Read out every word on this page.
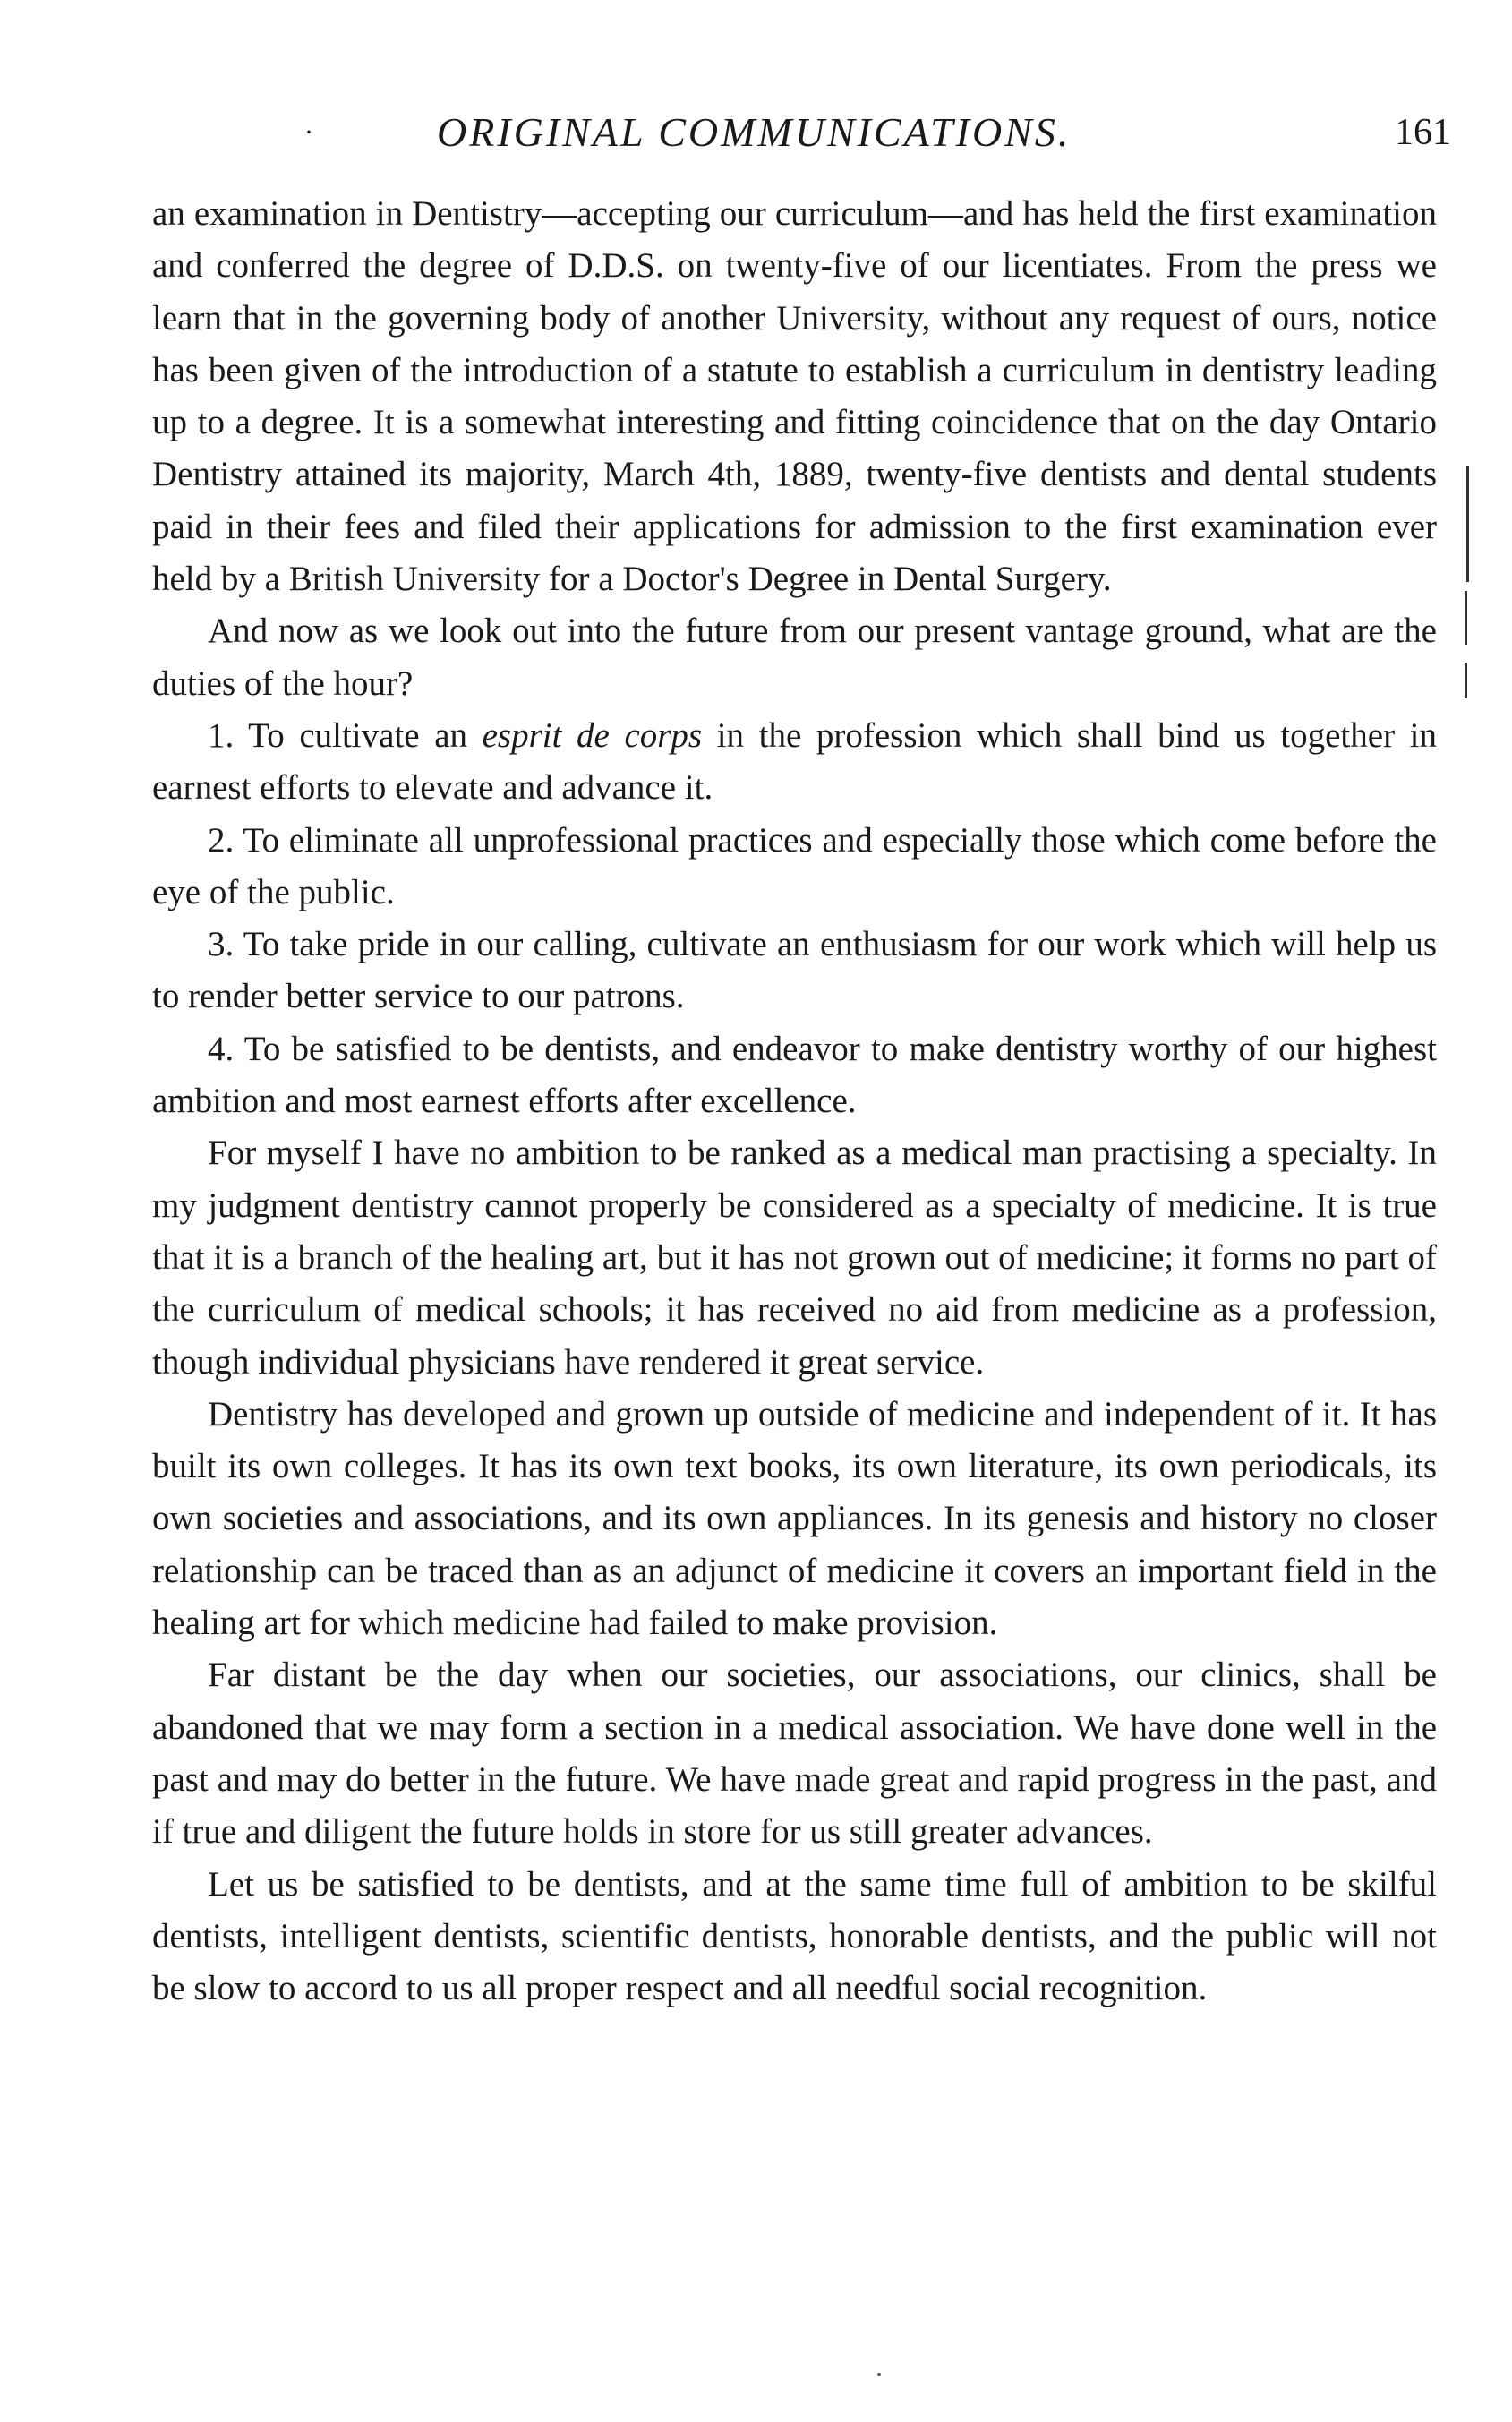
·	ORIGINAL COMMUNICATIONS.	161

an examination in Dentistry—accepting our curriculum—and has held the first examination and conferred the degree of D.D.S. on twenty-five of our licentiates. From the press we learn that in the governing body of another University, without any request of ours, notice has been given of the introduction of a statute to establish a curriculum in dentistry leading up to a degree. It is a somewhat interesting and fitting coincidence that on the day Ontario Dentistry attained its majority, March 4th, 1889, twenty-five dentists and dental students paid in their fees and filed their applications for admission to the first examination ever held by a British University for a Doctor's Degree in Dental Surgery.

And now as we look out into the future from our present vantage ground, what are the duties of the hour?

1. To cultivate an esprit de corps in the profession which shall bind us together in earnest efforts to elevate and advance it.

2. To eliminate all unprofessional practices and especially those which come before the eye of the public.

3. To take pride in our calling, cultivate an enthusiasm for our work which will help us to render better service to our patrons.

4. To be satisfied to be dentists, and endeavor to make dentistry worthy of our highest ambition and most earnest efforts after excellence.

For myself I have no ambition to be ranked as a medical man practising a specialty. In my judgment dentistry cannot properly be considered as a specialty of medicine. It is true that it is a branch of the healing art, but it has not grown out of medicine; it forms no part of the curriculum of medical schools; it has received no aid from medicine as a profession, though individual physicians have rendered it great service.

Dentistry has developed and grown up outside of medicine and independent of it. It has built its own colleges. It has its own text books, its own literature, its own periodicals, its own societies and associations, and its own appliances. In its genesis and history no closer relationship can be traced than as an adjunct of medicine it covers an important field in the healing art for which medicine had failed to make provision.

Far distant be the day when our societies, our associations, our clinics, shall be abandoned that we may form a section in a medical association. We have done well in the past and may do better in the future. We have made great and rapid progress in the past, and if true and diligent the future holds in store for us still greater advances.

Let us be satisfied to be dentists, and at the same time full of ambition to be skilful dentists, intelligent dentists, scientific dentists, honorable dentists, and the public will not be slow to accord to us all proper respect and all needful social recognition.
